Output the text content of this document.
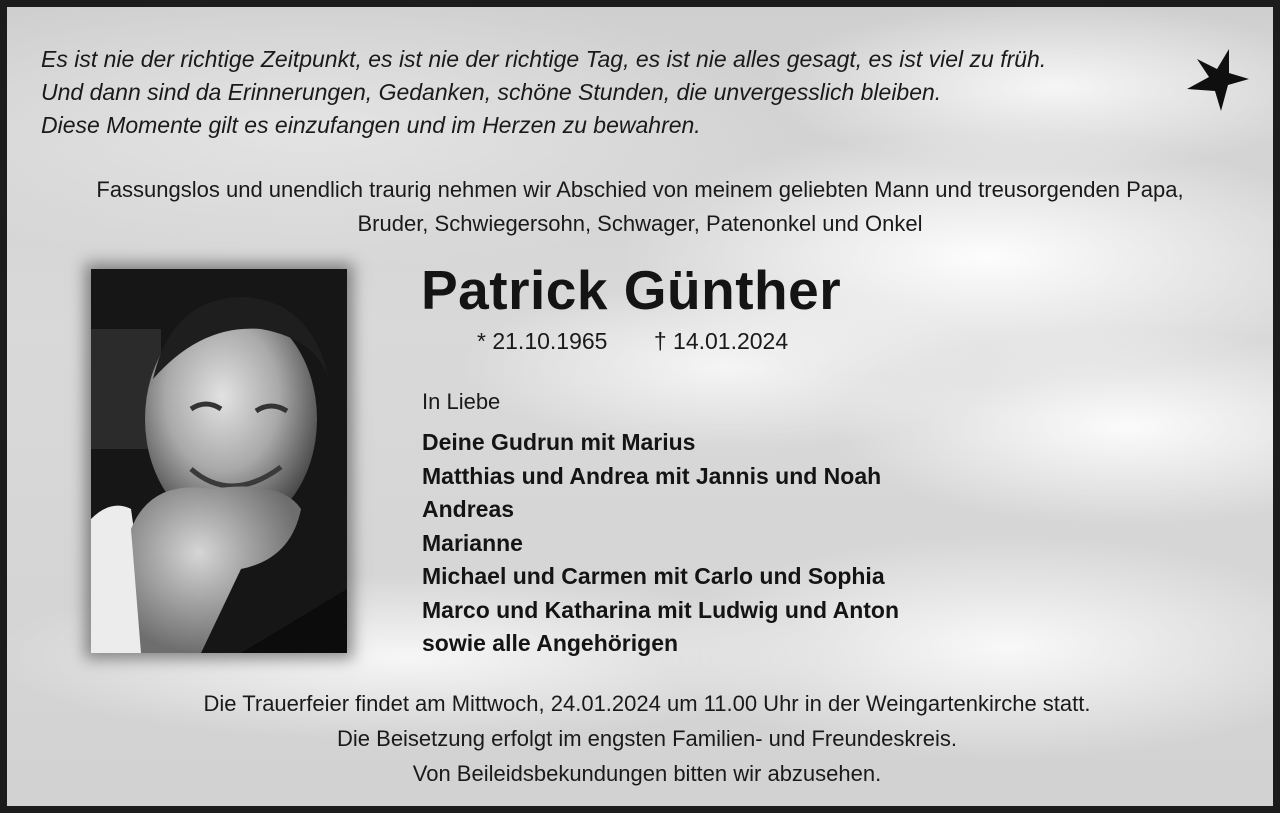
Es ist nie der richtige Zeitpunkt, es ist nie der richtige Tag, es ist nie alles gesagt, es ist viel zu früh.
Und dann sind da Erinnerungen, Gedanken, schöne Stunden, die unvergesslich bleiben.
Diese Momente gilt es einzufangen und im Herzen zu bewahren.
Fassungslos und unendlich traurig nehmen wir Abschied von meinem geliebten Mann und treusorgenden Papa,
Bruder, Schwiegersohn, Schwager, Patenonkel und Onkel
Patrick Günther
* 21.10.1965 † 14.01.2024
In Liebe
Deine Gudrun mit Marius
Matthias und Andrea mit Jannis und Noah
Andreas
Marianne
Michael und Carmen mit Carlo und Sophia
Marco und Katharina mit Ludwig und Anton
sowie alle Angehörigen
Die Trauerfeier findet am Mittwoch, 24.01.2024 um 11.00 Uhr in der Weingartenkirche statt.
Die Beisetzung erfolgt im engsten Familien- und Freundeskreis.
Von Beileidsbekundungen bitten wir abzusehen.
